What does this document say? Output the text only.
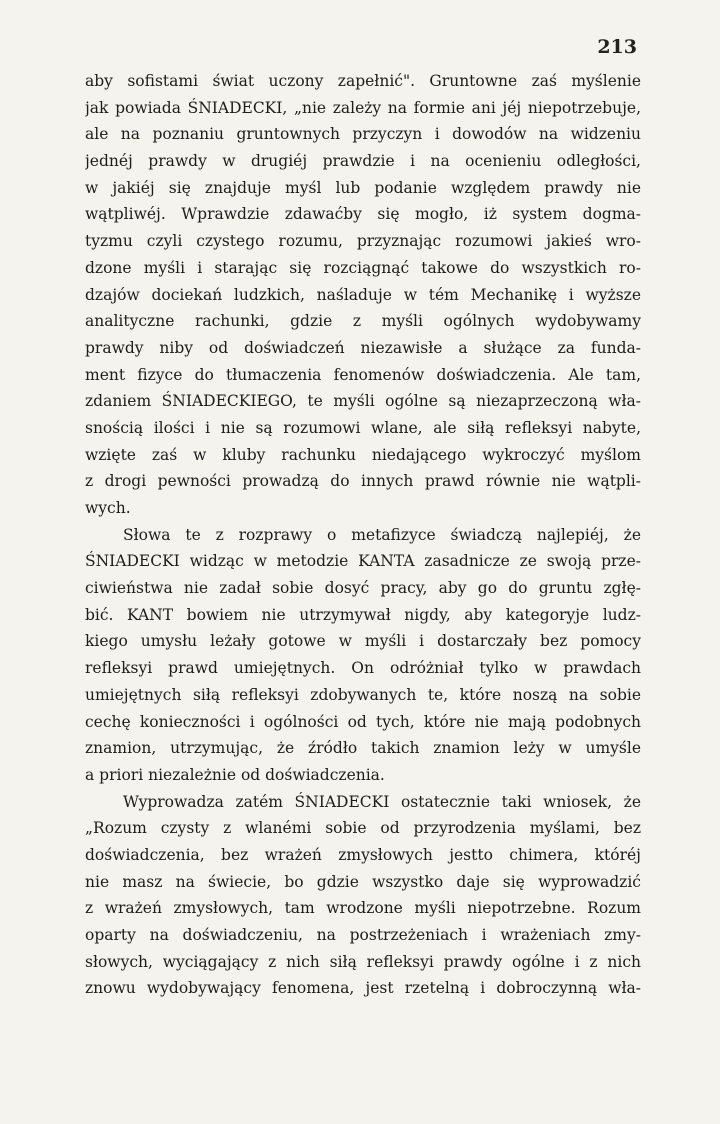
213
aby sofistami świat uczony zapełnić". Gruntowne zaś myślenie
jak powiada ŚNIADECKI, „nie zależy na formie ani jéj niepotrzebuje,
ale na poznaniu gruntownych przyczyn i dowodów na widzeniu
jednéj prawdy w drugiéj prawdzie i na ocenieniu odległości,
w jakiéj się znajduje myśl lub podanie względem prawdy nie
wątpliwéj. Wprawdzie zdawaćby się mogło, iż system dogma-
tyzmu czyli czystego rozumu, przyznając rozumowi jakieś wro-
dzone myśli i starając się rozciągnąć takowe do wszystkich ro-
dzajów dociekań ludzkich, naśladuje w tém Mechanikę i wyższe
analityczne rachunki, gdzie z myśli ogólnych wydobywamy
prawdy niby od doświadczeń niezawisłe a służące za funda-
ment fizyce do tłumaczenia fenomenów doświadczenia. Ale tam,
zdaniem ŚNIADECKIEGO, te myśli ogólne są niezaprzeczoną wła-
snością ilości i nie są rozumowi wlane, ale siłą refleksyi nabyte,
wzięte zaś w kluby rachunku niedającego wykroczyć myślom
z drogi pewności prowadzą do innych prawd równie nie wątpli-
wych.
Słowa te z rozprawy o metafizyce świadczą najlepiéj, że
ŚNIADECKI widząc w metodzie KANTA zasadnicze ze swoją prze-
ciwieństwa nie zadał sobie dosyć pracy, aby go do gruntu zgłę-
bić. KANT bowiem nie utrzymywał nigdy, aby kategoryje ludz-
kiego umysłu leżały gotowe w myśli i dostarczały bez pomocy
refleksyi prawd umiejętnych. On odróżniał tylko w prawdach
umiejętnych siłą refleksyi zdobywanych te, które noszą na sobie
cechę konieczności i ogólności od tych, które nie mają podobnych
znamion, utrzymując, że źródło takich znamion leży w umyśle
a priori niezależnie od doświadczenia.
Wyprowadza zatém ŚNIADECKI ostatecznie taki wniosek, że
„Rozum czysty z wlanémi sobie od przyrodzenia myślami, bez
doświadczenia, bez wrażeń zmysłowych jestto chimera, któréj
nie masz na świecie, bo gdzie wszystko daje się wyprowadzić
z wrażeń zmysłowych, tam wrodzone myśli niepotrzebne. Rozum
oparty na doświadczeniu, na postrzeżeniach i wrażeniach zmy-
słowych, wyciągający z nich siłą refleksyi prawdy ogólne i z nich
znowu wydobywający fenomena, jest rzetelną i dobroczynną wła-
